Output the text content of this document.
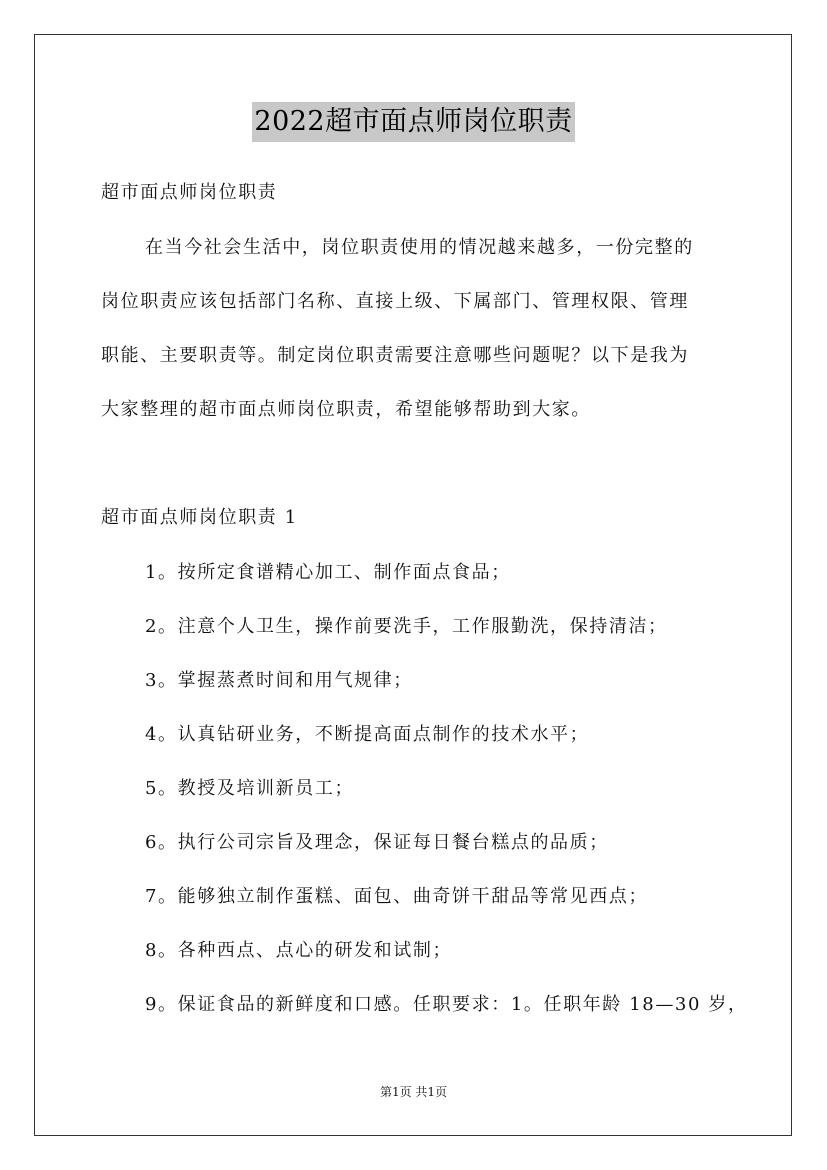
2022超市面点师岗位职责
超市面点师岗位职责
在当今社会生活中，岗位职责使用的情况越来越多，一份完整的
岗位职责应该包括部门名称、直接上级、下属部门、管理权限、管理
职能、主要职责等。制定岗位职责需要注意哪些问题呢？以下是我为
大家整理的超市面点师岗位职责，希望能够帮助到大家。
超市面点师岗位职责 1
1。按所定食谱精心加工、制作面点食品；
2。注意个人卫生，操作前要洗手，工作服勤洗，保持清洁；
3。掌握蒸煮时间和用气规律；
4。认真钻研业务，不断提高面点制作的技术水平；
5。教授及培训新员工；
6。执行公司宗旨及理念，保证每日餐台糕点的品质；
7。能够独立制作蛋糕、面包、曲奇饼干甜品等常见西点；
8。各种西点、点心的研发和试制；
9。保证食品的新鲜度和口感。任职要求：1。任职年龄 18—30 岁，
第1页 共1页
